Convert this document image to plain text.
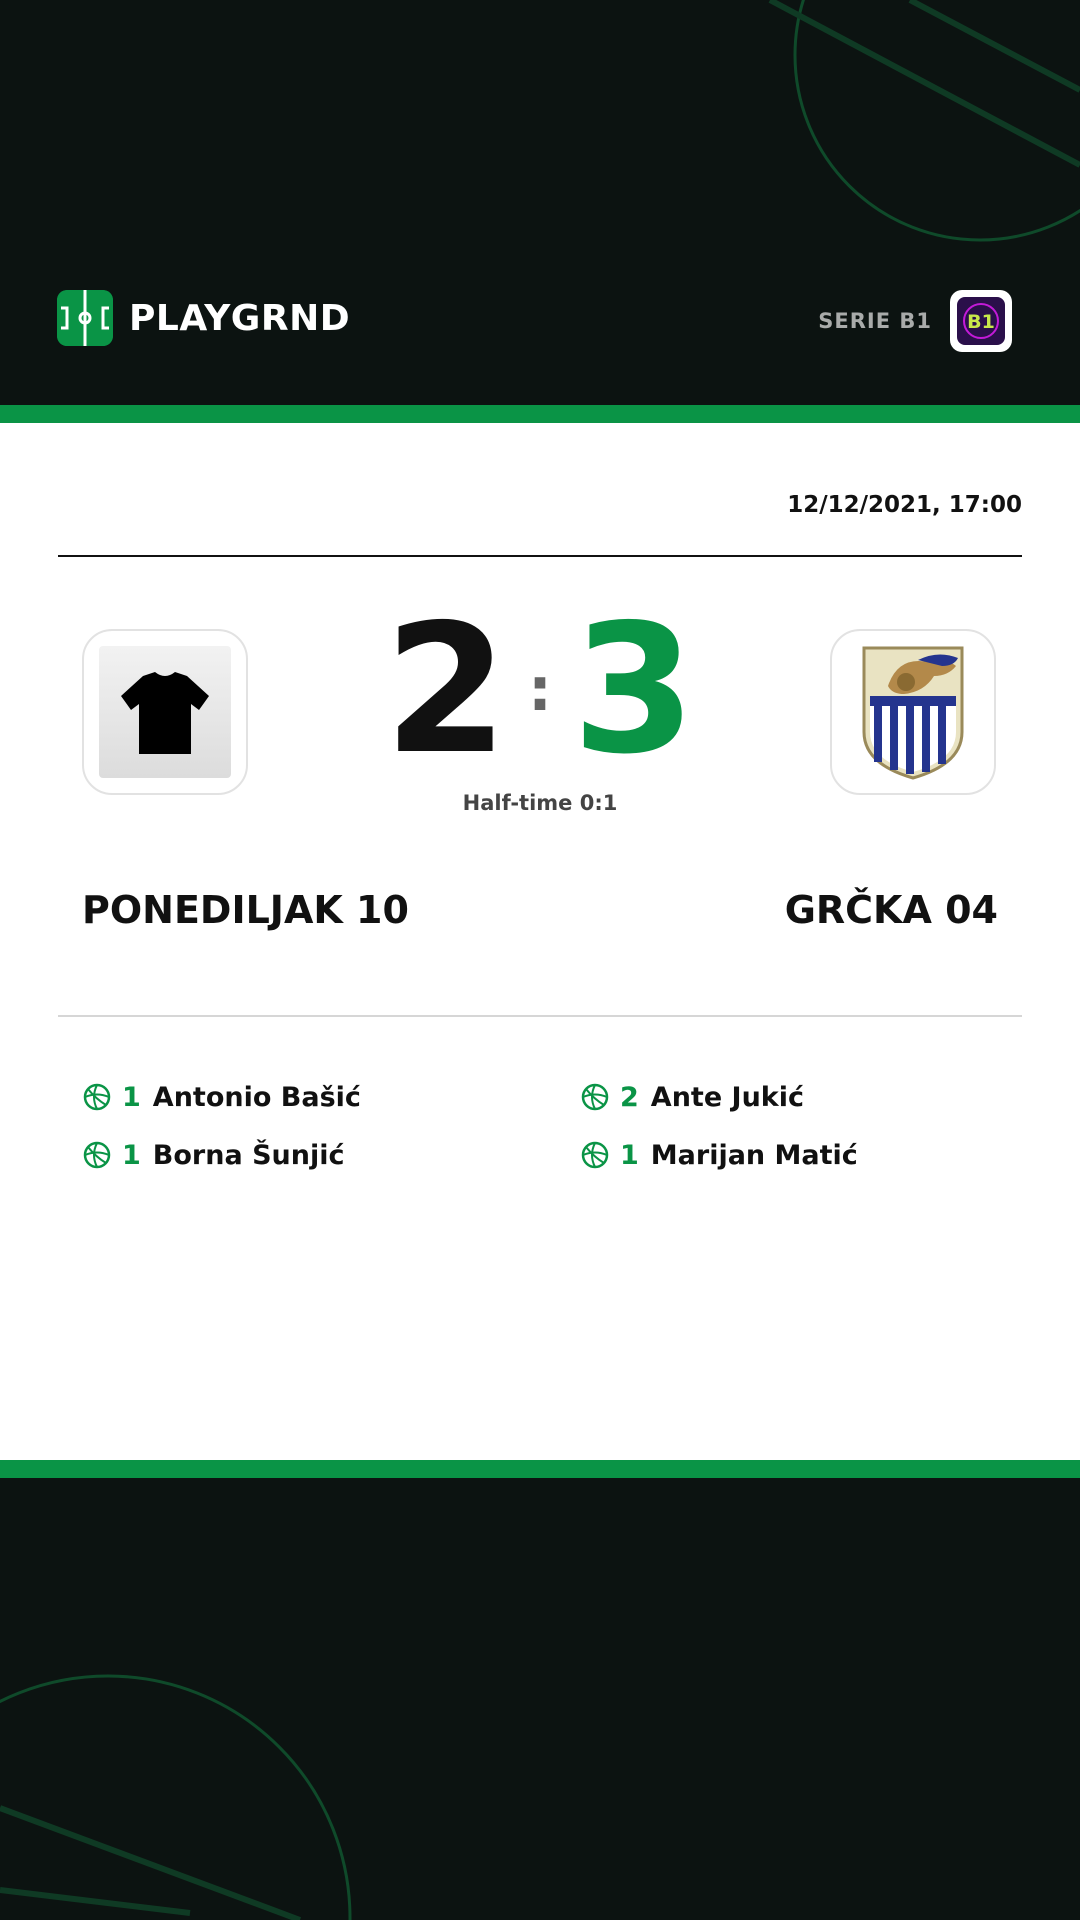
PLAYGRND	SERIE B1 B1
12/12/2021, 17:00
2 : 3
Half-time 0:1
PONEDILJAK 10	GRČKA 04
1 Antonio Bašić
1 Borna Šunjić
2 Ante Jukić
1 Marijan Matić
